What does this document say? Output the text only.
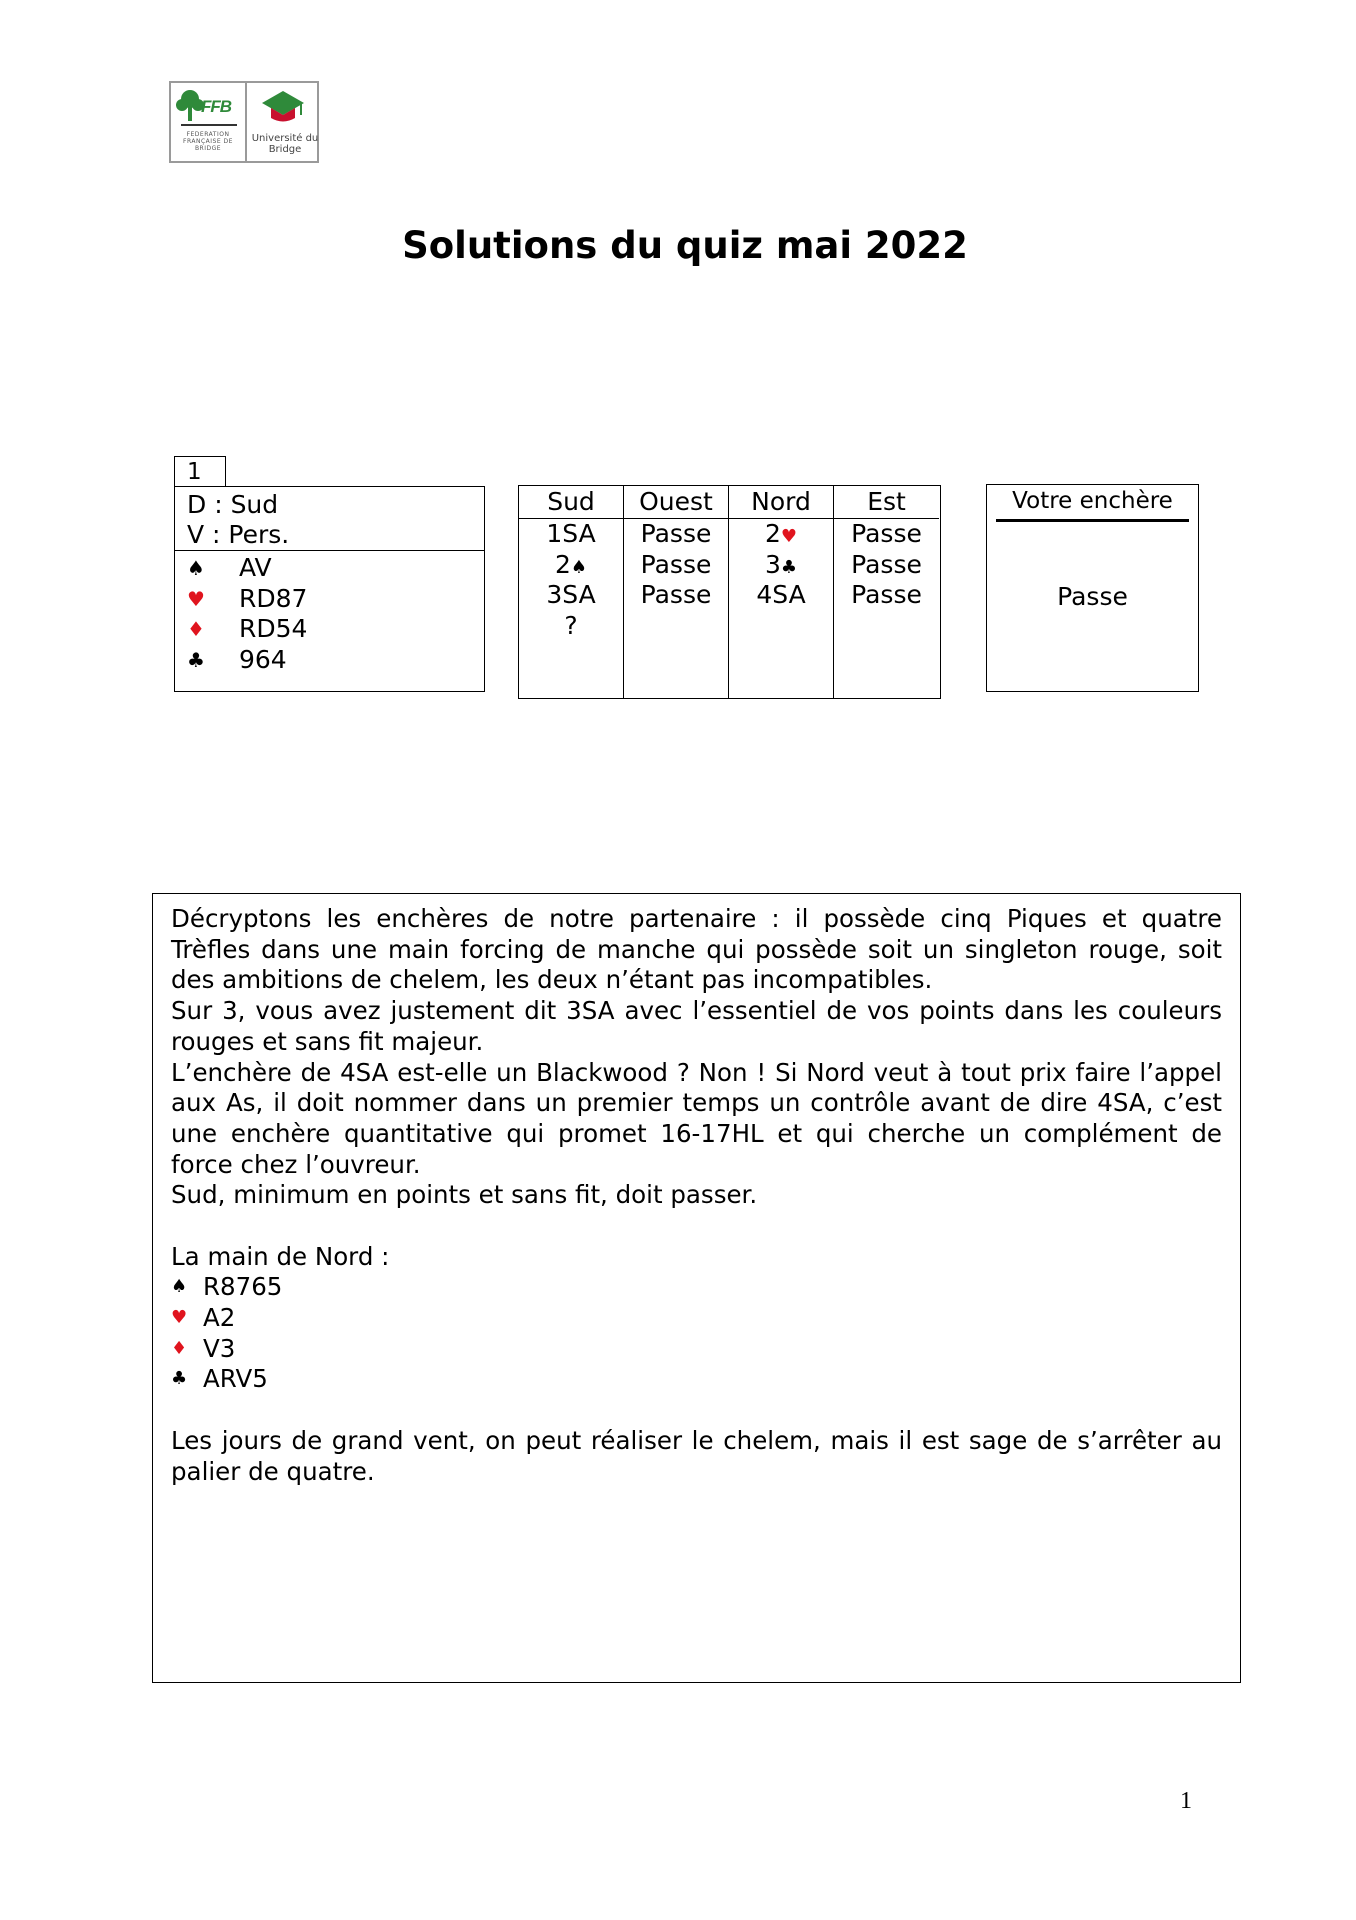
FFB
FEDERATION FRANÇAISE DE BRIDGE
Université du Bridge
Solutions du quiz mai 2022
1
D : Sud
V : Pers.
♠ AV
♥ RD87
♦ RD54
♣ 964
Sud
1SA
2♠
3SA
?
Ouest
Passe
Passe
Passe
Nord
2♥
3♣
4SA
Est
Passe
Passe
Passe
Votre enchère
Passe
Décryptons les enchères de notre partenaire : il possède cinq Piques et quatre
Trèfles dans une main forcing de manche qui possède soit un singleton rouge, soit
des ambitions de chelem, les deux n’étant pas incompatibles.
Sur 3, vous avez justement dit 3SA avec l’essentiel de vos points dans les couleurs
rouges et sans fit majeur.
L’enchère de 4SA est-elle un Blackwood ? Non ! Si Nord veut à tout prix faire l’appel
aux As, il doit nommer dans un premier temps un contrôle avant de dire 4SA, c’est
une enchère quantitative qui promet 16-17HL et qui cherche un complément de
force chez l’ouvreur.
Sud, minimum en points et sans fit, doit passer.
La main de Nord :
♠ R8765
♥ A2
♦ V3
♣ ARV5
Les jours de grand vent, on peut réaliser le chelem, mais il est sage de s’arrêter au
palier de quatre.
1
